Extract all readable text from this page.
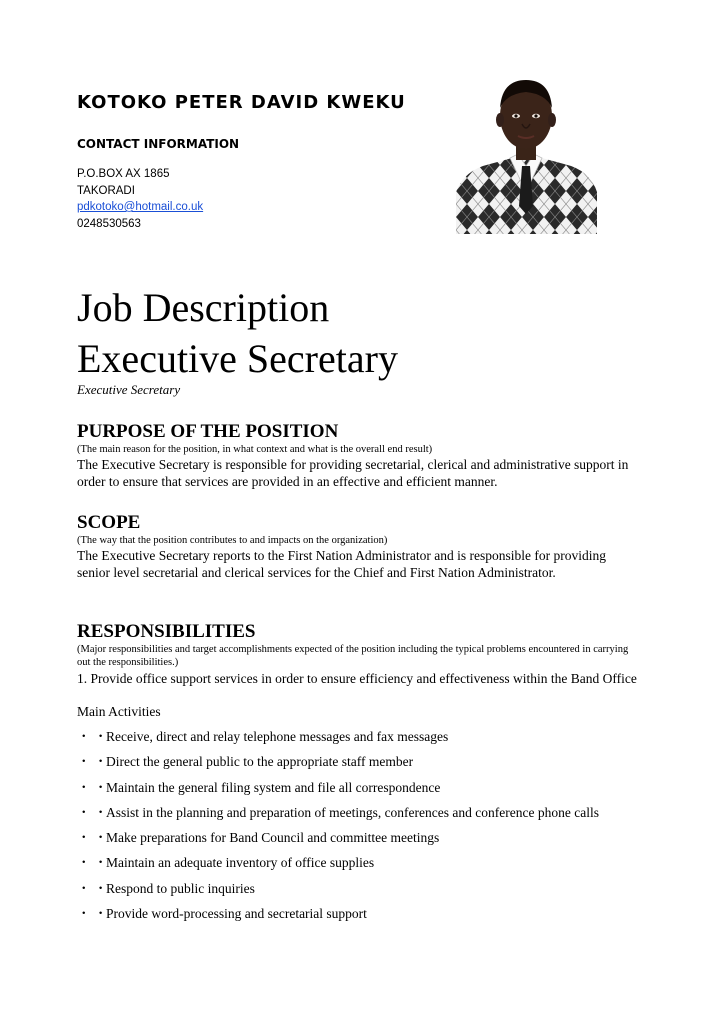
KOTOKO PETER DAVID KWEKU
CONTACT INFORMATION
P.O.BOX AX 1865
TAKORADI
pdkotoko@hotmail.co.uk
0248530563
Job Description
Executive Secretary
Executive Secretary
PURPOSE OF THE POSITION
(The main reason for the position, in what context and what is the overall end result)
The Executive Secretary is responsible for providing secretarial, clerical and administrative support in order to ensure that services are provided in an effective and efficient manner.
SCOPE
(The way that the position contributes to and impacts on the organization)
The Executive Secretary reports to the First Nation Administrator and is responsible for providing senior level secretarial and clerical services for the Chief and First Nation Administrator.
RESPONSIBILITIES
(Major responsibilities and target accomplishments expected of the position including the typical problems encountered in carrying out the responsibilities.)
1. Provide office support services in order to ensure efficiency and effectiveness within the Band Office
Main Activities
・ ・Receive, direct and relay telephone messages and fax messages
・ ・Direct the general public to the appropriate staff member
・ ・Maintain the general filing system and file all correspondence
・ ・Assist in the planning and preparation of meetings, conferences and conference phone calls
・ ・Make preparations for Band Council and committee meetings
・ ・Maintain an adequate inventory of office supplies
・ ・Respond to public inquiries
・ ・Provide word-processing and secretarial support
